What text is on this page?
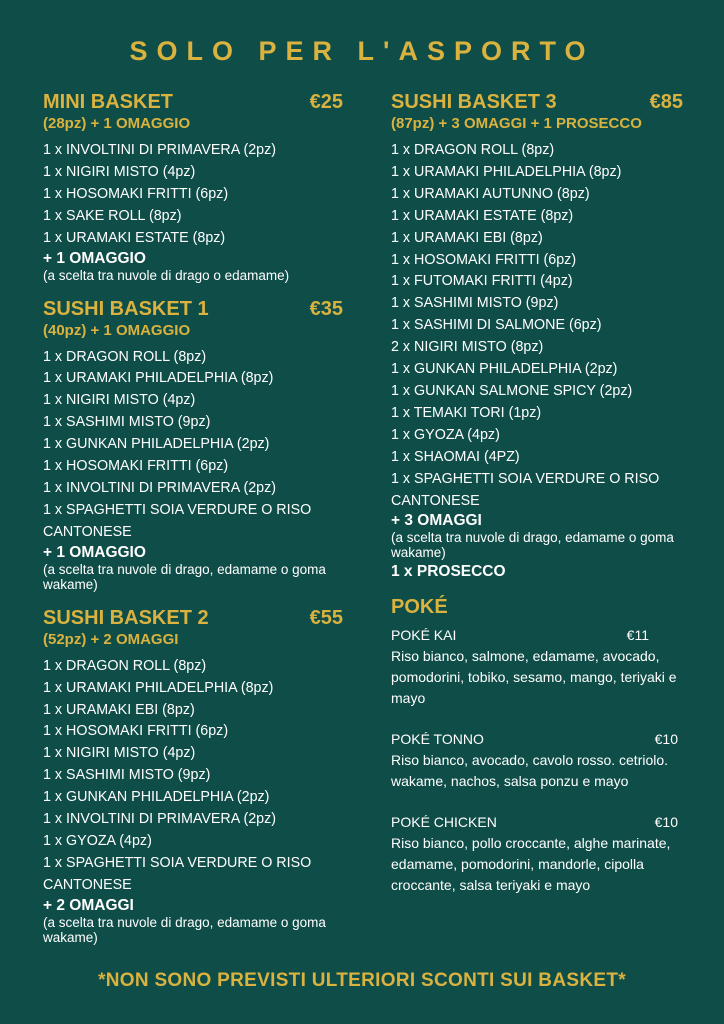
SOLO PER L'ASPORTO
MINI BASKET	€25
(28pz) + 1 OMAGGIO
1 x INVOLTINI DI PRIMAVERA (2pz)
1 x NIGIRI MISTO (4pz)
1 x HOSOMAKI FRITTI (6pz)
1 x SAKE ROLL (8pz)
1 x URAMAKI ESTATE (8pz)
+ 1 OMAGGIO
(a scelta tra nuvole di drago o edamame)
SUSHI BASKET 1	€35
(40pz) + 1 OMAGGIO
1 x DRAGON ROLL (8pz)
1 x URAMAKI PHILADELPHIA (8pz)
1 x NIGIRI MISTO (4pz)
1 x SASHIMI MISTO (9pz)
1 x GUNKAN PHILADELPHIA (2pz)
1 x HOSOMAKI FRITTI (6pz)
1 x INVOLTINI DI PRIMAVERA (2pz)
1 x SPAGHETTI SOIA VERDURE O RISO CANTONESE
+ 1 OMAGGIO
(a scelta tra nuvole di drago, edamame o goma wakame)
SUSHI BASKET 2	€55
(52pz) + 2 OMAGGI
1 x DRAGON ROLL (8pz)
1 x URAMAKI PHILADELPHIA (8pz)
1 x URAMAKI EBI (8pz)
1 x HOSOMAKI FRITTI (6pz)
1 x NIGIRI MISTO (4pz)
1 x SASHIMI MISTO (9pz)
1 x GUNKAN PHILADELPHIA (2pz)
1 x INVOLTINI DI PRIMAVERA (2pz)
1 x GYOZA (4pz)
1 x SPAGHETTI SOIA VERDURE O RISO CANTONESE
+ 2 OMAGGI
(a scelta tra nuvole di drago, edamame o goma wakame)
SUSHI BASKET 3	€85
(87pz) + 3 OMAGGI + 1 PROSECCO
1 x DRAGON ROLL (8pz)
1 x URAMAKI PHILADELPHIA (8pz)
1 x URAMAKI AUTUNNO (8pz)
1 x URAMAKI ESTATE (8pz)
1 x URAMAKI EBI (8pz)
1 x HOSOMAKI FRITTI (6pz)
1 x FUTOMAKI FRITTI (4pz)
1 x SASHIMI MISTO (9pz)
1 x SASHIMI DI SALMONE (6pz)
2 x NIGIRI MISTO (8pz)
1 x GUNKAN PHILADELPHIA (2pz)
1 x GUNKAN SALMONE SPICY (2pz)
1 x TEMAKI TORI (1pz)
1 x GYOZA (4pz)
1 x SHAOMAI (4PZ)
1 x SPAGHETTI SOIA VERDURE O RISO CANTONESE
+ 3 OMAGGI
(a scelta tra nuvole di drago, edamame o goma wakame)
1 x PROSECCO
POKÉ
POKÉ KAI	€11
Riso bianco, salmone, edamame, avocado, pomodorini, tobiko, sesamo, mango, teriyaki e mayo
POKÉ TONNO	€10
Riso bianco, avocado, cavolo rosso. cetriolo. wakame, nachos, salsa ponzu e mayo
POKÉ CHICKEN	€10
Riso bianco, pollo croccante, alghe marinate, edamame, pomodorini, mandorle, cipolla croccante, salsa teriyaki e mayo
*NON SONO PREVISTI ULTERIORI SCONTI SUI BASKET*
